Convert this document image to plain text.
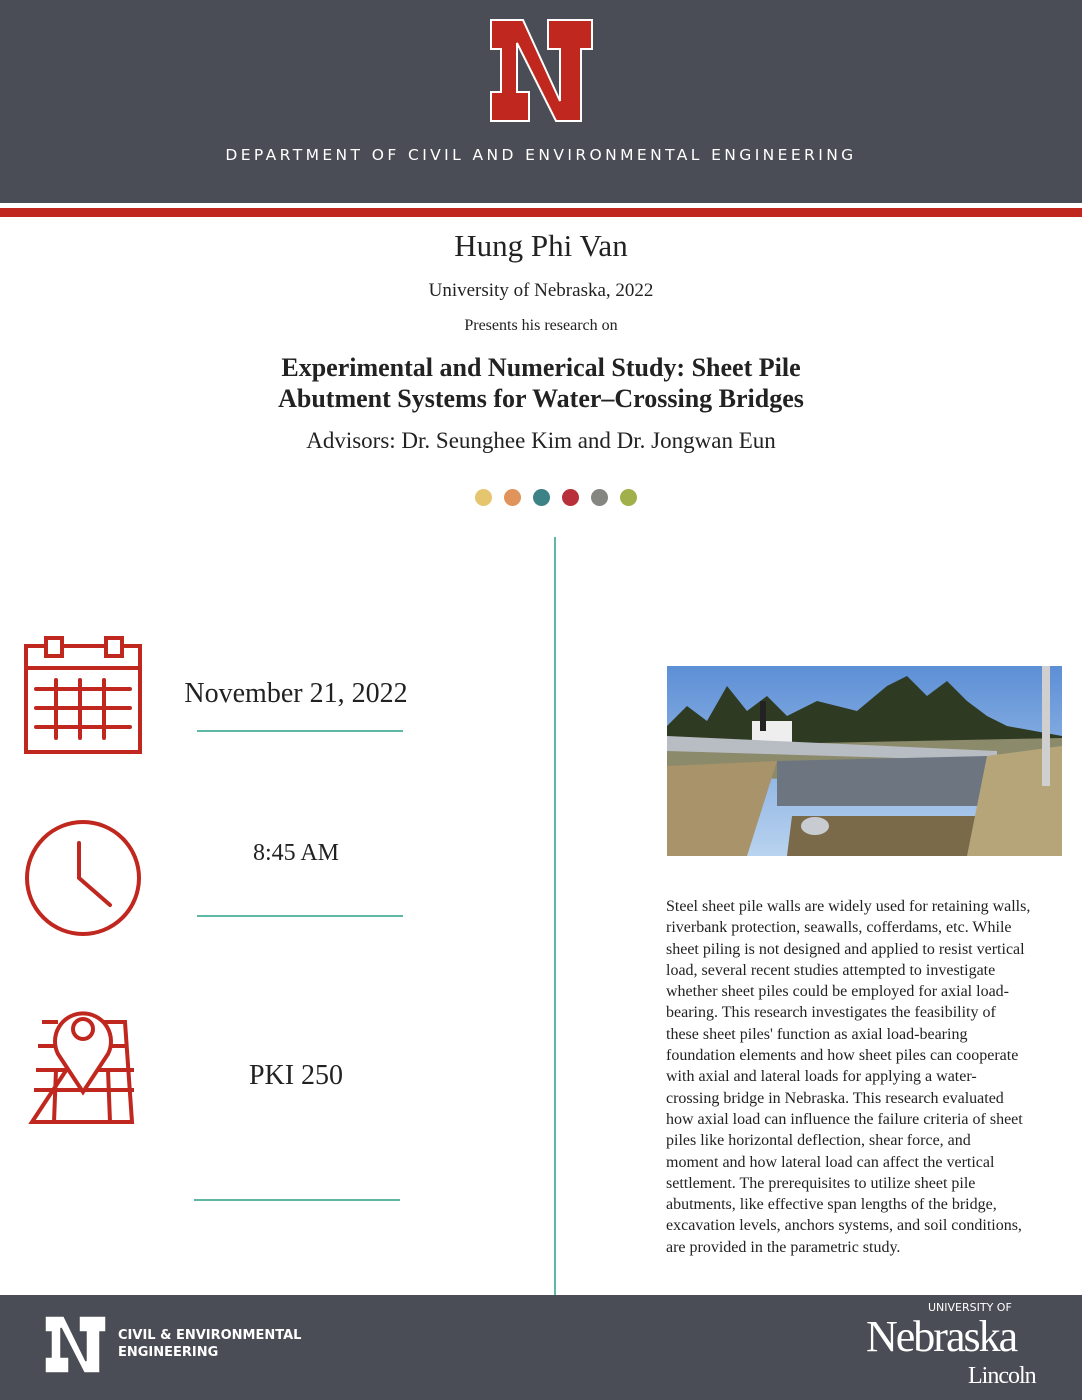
DEPARTMENT OF CIVIL AND ENVIRONMENTAL ENGINEERING
Hung Phi Van
University of Nebraska, 2022
Presents his research on
Experimental and Numerical Study: Sheet Pile
Abutment Systems for Water–Crossing Bridges
Advisors: Dr. Seunghee Kim and Dr. Jongwan Eun
November 21, 2022
8:45 AM
PKI 250
Steel sheet pile walls are widely used for retaining walls,
riverbank protection, seawalls, cofferdams, etc. While
sheet piling is not designed and applied to resist vertical
load, several recent studies attempted to investigate
whether sheet piles could be employed for axial load-
bearing. This research investigates the feasibility of
these sheet piles' function as axial load-bearing
foundation elements and how sheet piles can cooperate
with axial and lateral loads for applying a water-
crossing bridge in Nebraska. This research evaluated
how axial load can influence the failure criteria of sheet
piles like horizontal deflection, shear force, and
moment and how lateral load can affect the vertical
settlement. The prerequisites to utilize sheet pile
abutments, like effective span lengths of the bridge,
excavation levels, anchors systems, and soil conditions,
are provided in the parametric study.
CIVIL & ENVIRONMENTAL
ENGINEERING
UNIVERSITY OF
Nebraska
Lincoln
